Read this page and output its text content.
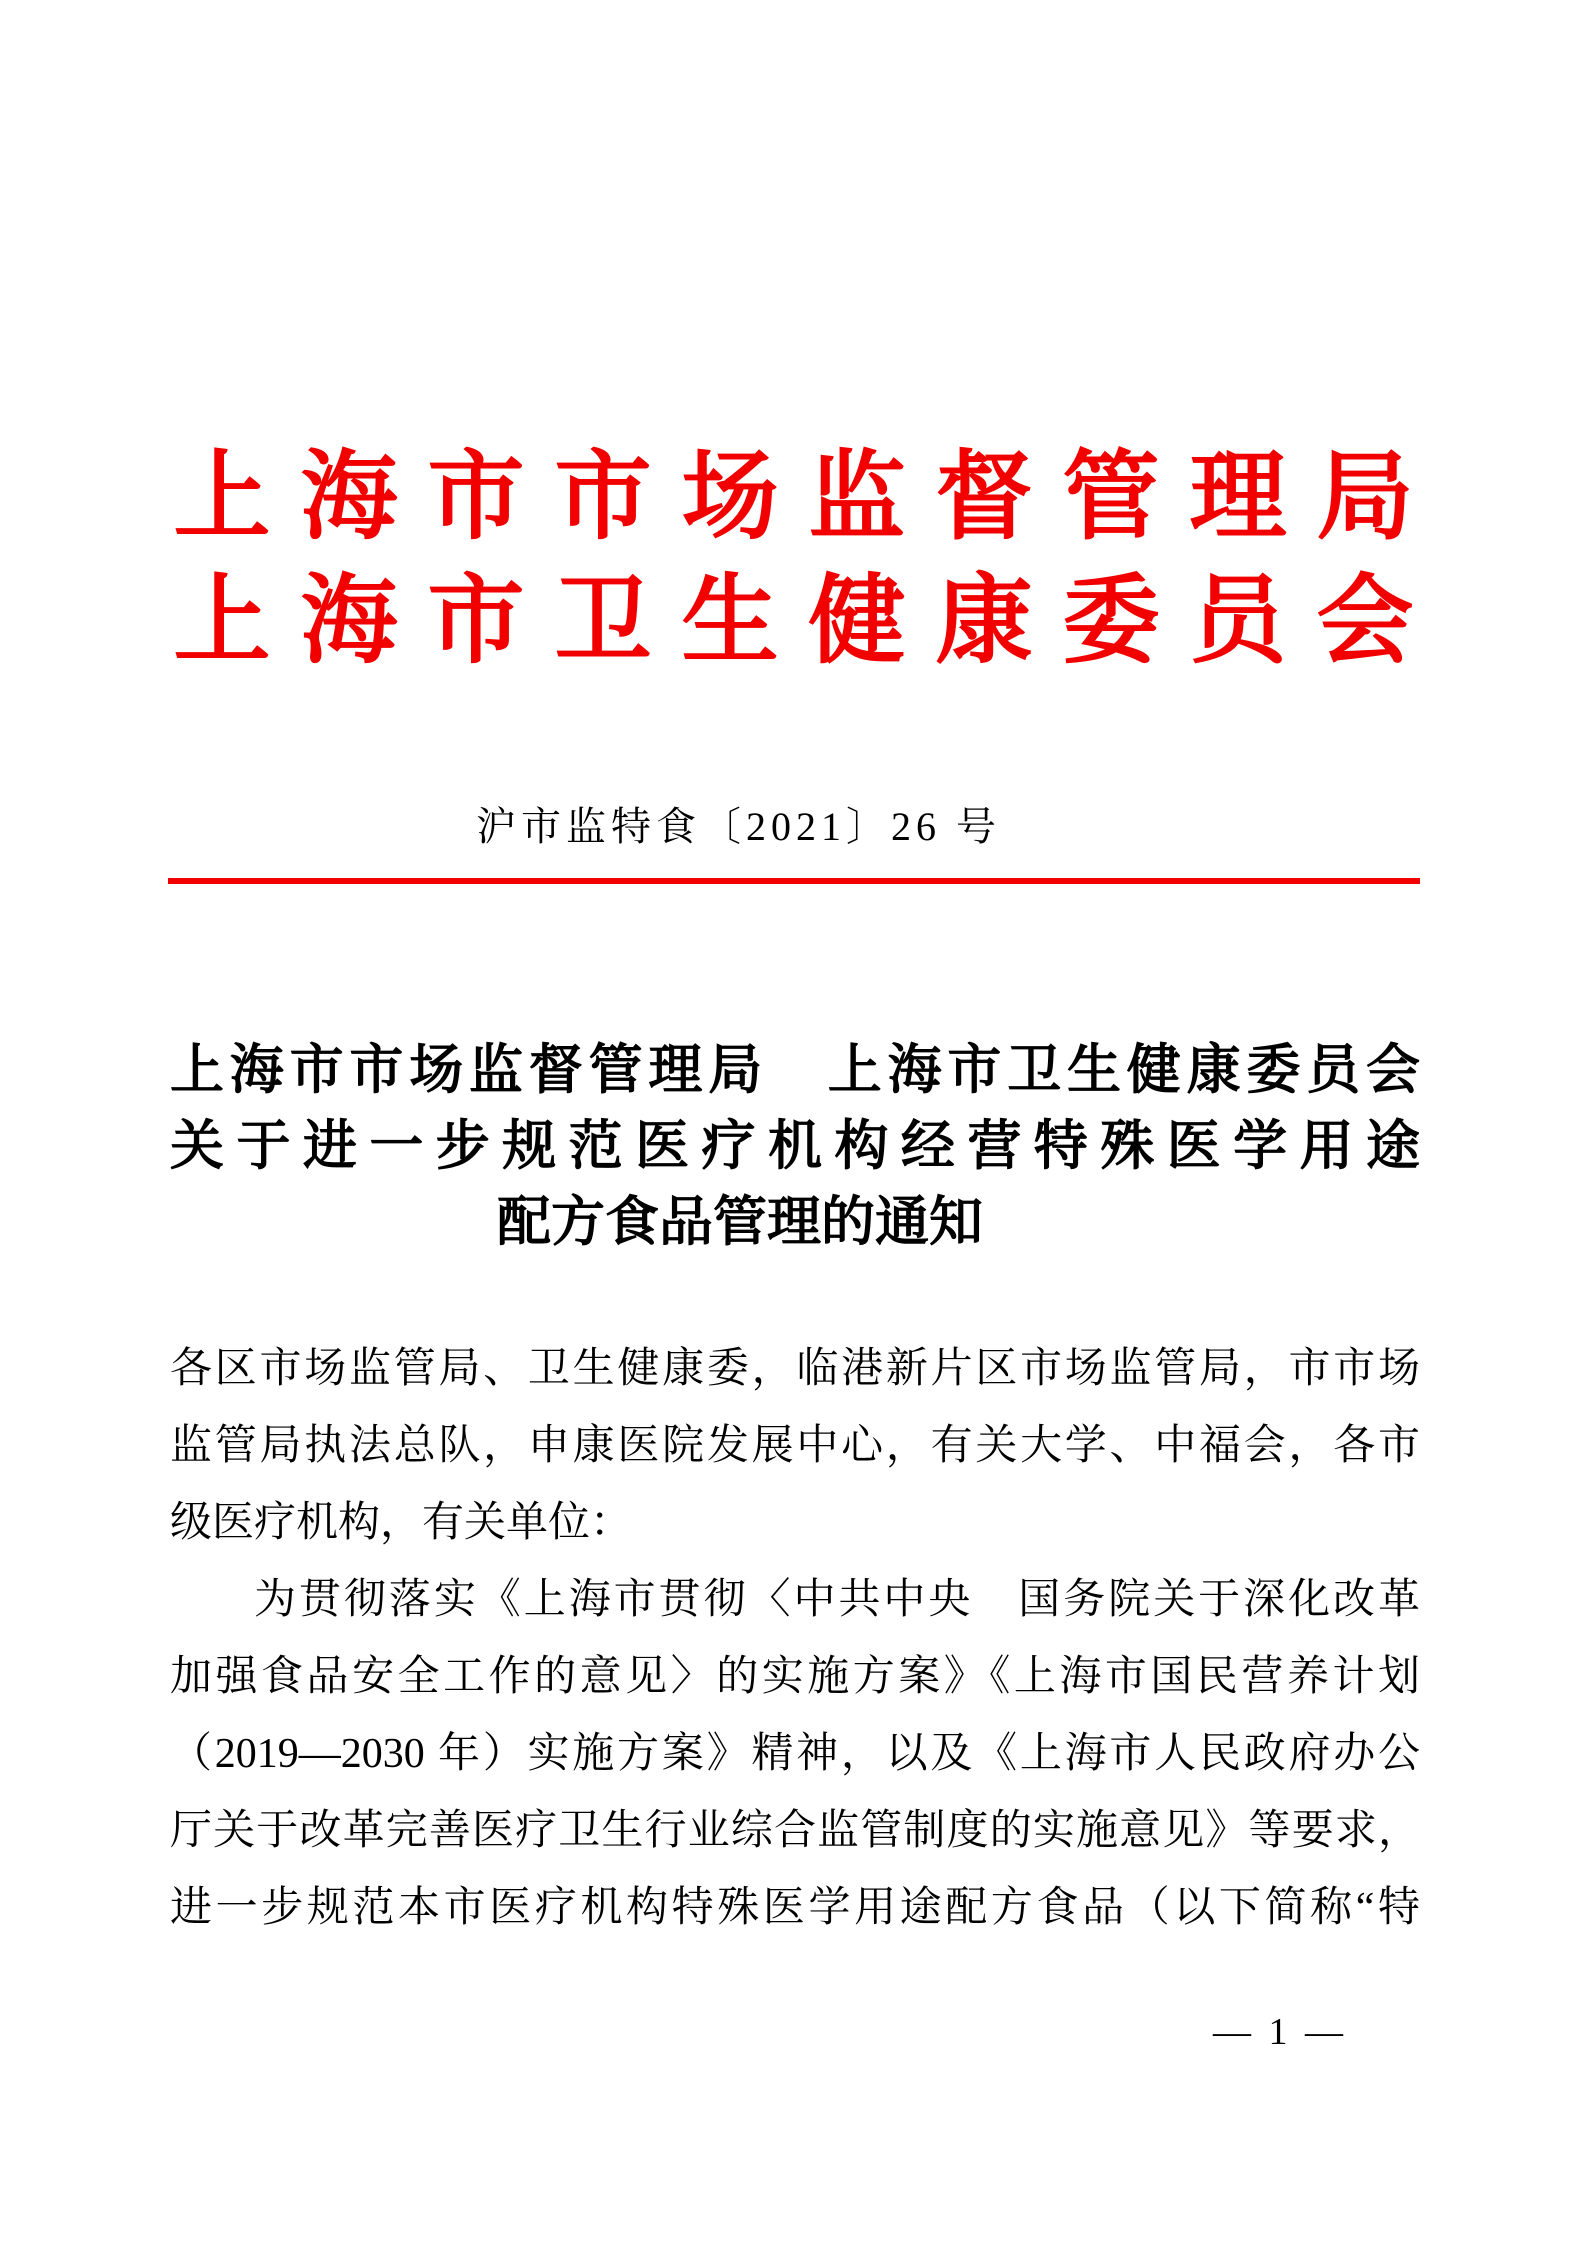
上海市市场监督管理局
上海市卫生健康委员会
沪市监特食〔2021〕26 号
上海市市场监督管理局　上海市卫生健康委员会
关于进一步规范医疗机构经营特殊医学用途
配方食品管理的通知
各区市场监管局、卫生健康委，临港新片区市场监管局，市市场
监管局执法总队，申康医院发展中心，有关大学、中福会，各市
级医疗机构，有关单位：
为贯彻落实《上海市贯彻〈中共中央　国务院关于深化改革
加强食品安全工作的意见〉的实施方案》《上海市国民营养计划
（2019—2030 年）实施方案》精神，以及《上海市人民政府办公
厅关于改革完善医疗卫生行业综合监管制度的实施意见》等要求，
进一步规范本市医疗机构特殊医学用途配方食品（以下简称“特
— 1 —
